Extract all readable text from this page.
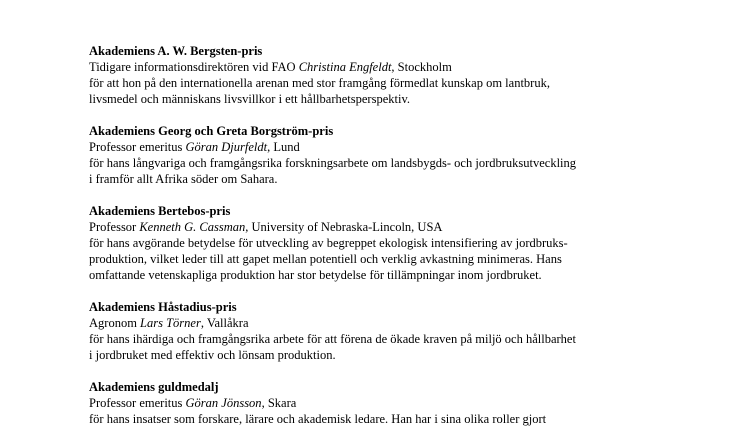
Akademiens A. W. Bergsten-pris
Tidigare informationsdirektören vid FAO Christina Engfeldt, Stockholm
för att hon på den internationella arenan med stor framgång förmedlat kunskap om lantbruk,
livsmedel och människans livsvillkor i ett hållbarhetsperspektiv.
Akademiens Georg och Greta Borgström-pris
Professor emeritus Göran Djurfeldt, Lund
för hans långvariga och framgångsrika forskningsarbete om landsbygds- och jordbruksutveckling
i framför allt Afrika söder om Sahara.
Akademiens Bertebos-pris
Professor Kenneth G. Cassman, University of Nebraska-Lincoln, USA
för hans avgörande betydelse för utveckling av begreppet ekologisk intensifiering av jordbruks-
produktion, vilket leder till att gapet mellan potentiell och verklig avkastning minimeras. Hans
omfattande vetenskapliga produktion har stor betydelse för tillämpningar inom jordbruket.
Akademiens Håstadius-pris
Agronom Lars Törner, Vallåkra
för hans ihärdiga och framgångsrika arbete för att förena de ökade kraven på miljö och hållbarhet
i jordbruket med effektiv och lönsam produktion.
Akademiens guldmedalj
Professor emeritus Göran Jönsson, Skara
för hans insatser som forskare, lärare och akademisk ledare. Han har i sina olika roller gjort
